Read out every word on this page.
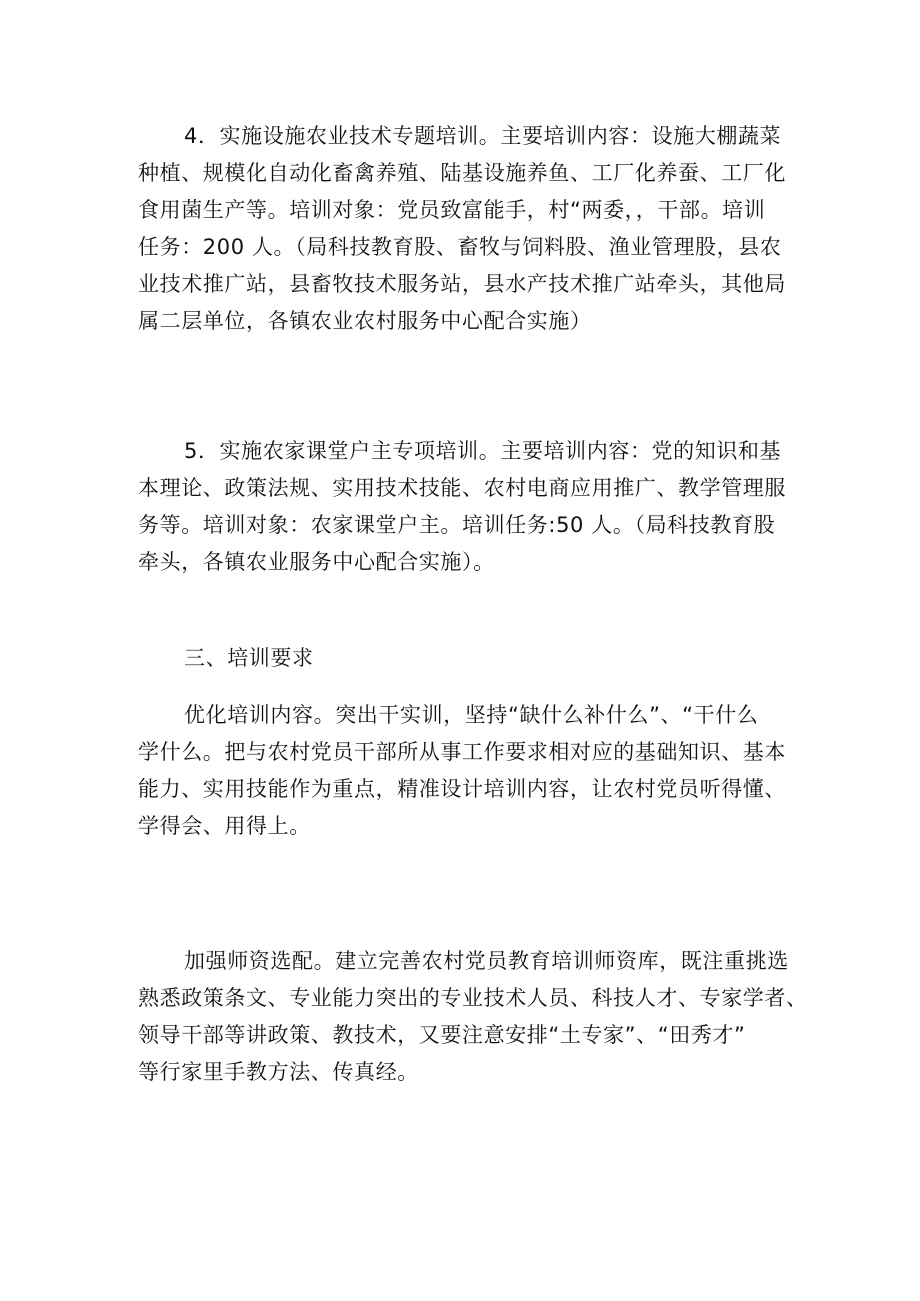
4．实施设施农业技术专题培训。主要培训内容：设施大棚蔬菜
种植、规模化自动化畜禽养殖、陆基设施养鱼、工厂化养蚕、工厂化
食用菌生产等。培训对象：党员致富能手，村“两委，，干部。培训
任务：200 人。（局科技教育股、畜牧与饲料股、渔业管理股，县农
业技术推广站，县畜牧技术服务站，县水产技术推广站牵头，其他局
属二层单位，各镇农业农村服务中心配合实施）

5．实施农家课堂户主专项培训。主要培训内容：党的知识和基
本理论、政策法规、实用技术技能、农村电商应用推广、教学管理服
务等。培训对象：农家课堂户主。培训任务:50 人。（局科技教育股
牵头，各镇农业服务中心配合实施）。

三、培训要求

优化培训内容。突出干实训，坚持“缺什么补什么”、“干什么
学什么。把与农村党员干部所从事工作要求相对应的基础知识、基本
能力、实用技能作为重点，精准设计培训内容，让农村党员听得懂、
学得会、用得上。

加强师资选配。建立完善农村党员教育培训师资库，既注重挑选
熟悉政策条文、专业能力突出的专业技术人员、科技人才、专家学者、
领导干部等讲政策、教技术，又要注意安排“土专家”、“田秀才”
等行家里手教方法、传真经。
